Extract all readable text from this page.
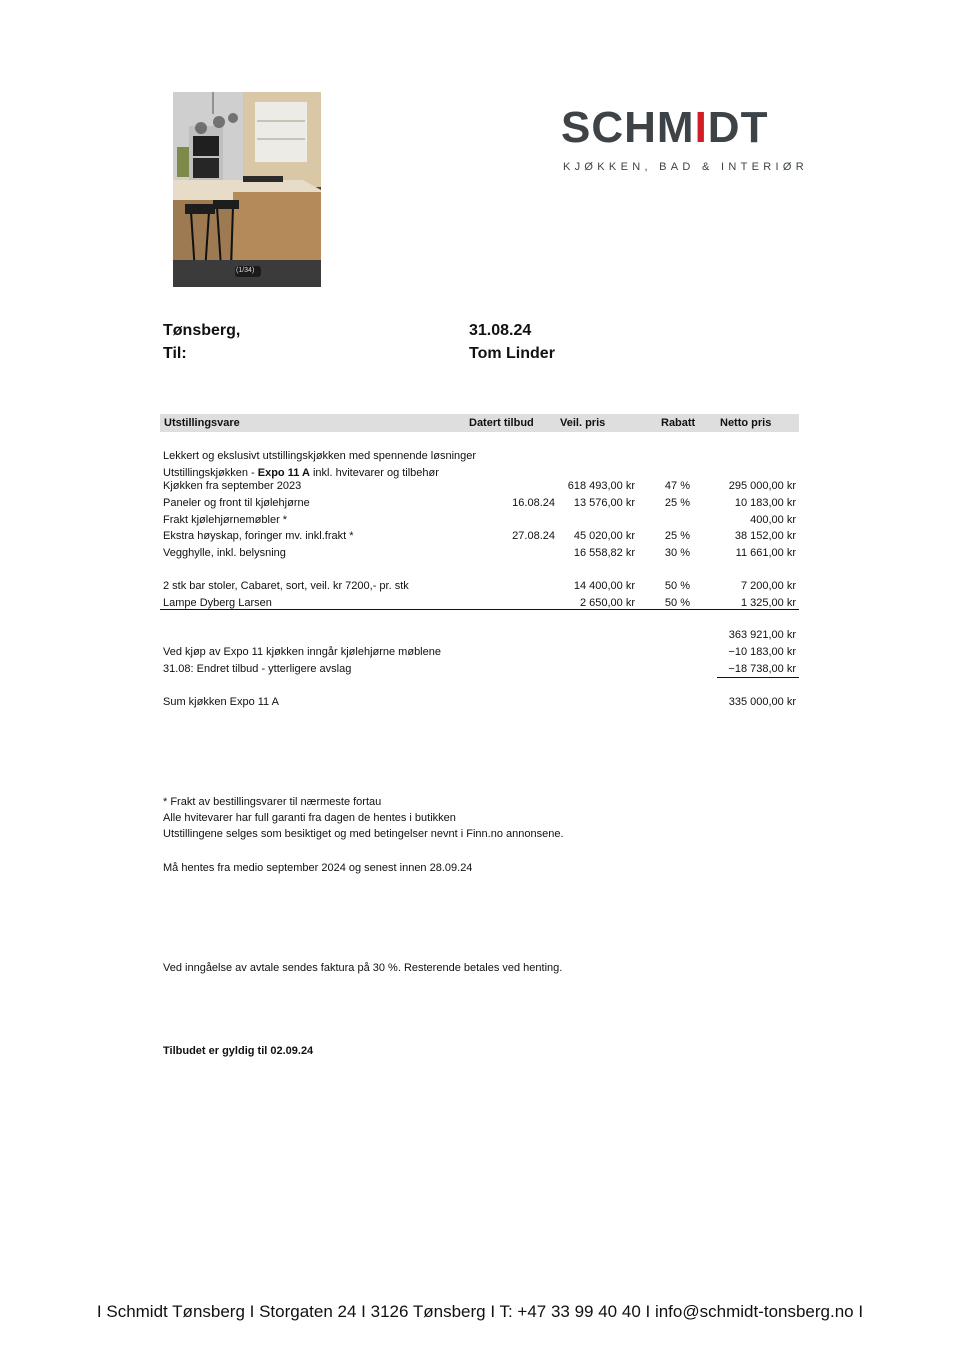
(1/34)
SCHMIDT
KJØKKEN, BAD & INTERIØR
Tønsberg,	31.08.24
Til:	Tom Linder
Utstillingsvare	Datert tilbud Veil. pris	Rabatt Netto pris
Lekkert og ekslusivt utstillingskjøkken med spennende løsninger
Utstillingskjøkken - Expo 11 A inkl. hvitevarer og tilbehør
Kjøkken fra september 2023	618 493,00 kr	47 %	295 000,00 kr
Paneler og front til kjølehjørne	16.08.24 13 576,00 kr	25 %	10 183,00 kr
Frakt kjølehjørnemøbler *	400,00 kr
Ekstra høyskap, foringer mv. inkl.frakt *	27.08.24 45 020,00 kr	25 %	38 152,00 kr
Vegghylle, inkl. belysning	16 558,82 kr	30 %	11 661,00 kr
2 stk bar stoler, Cabaret, sort, veil. kr 7200,- pr. stk	14 400,00 kr	50 %	7 200,00 kr
Lampe Dyberg Larsen	2 650,00 kr	50 %	1 325,00 kr
363 921,00 kr
Ved kjøp av Expo 11 kjøkken inngår kjølehjørne møblene	−10 183,00 kr
31.08: Endret tilbud - ytterligere avslag	−18 738,00 kr
Sum kjøkken Expo 11 A	335 000,00 kr
* Frakt av bestillingsvarer til nærmeste fortau
Alle hvitevarer har full garanti fra dagen de hentes i butikken
Utstillingene selges som besiktiget og med betingelser nevnt i Finn.no annonsene.
Må hentes fra medio september 2024 og senest innen 28.09.24
Ved inngåelse av avtale sendes faktura på 30 %. Resterende betales ved henting.
Tilbudet er gyldig til 02.09.24
I Schmidt Tønsberg I Storgaten 24 I 3126 Tønsberg I T: +47 33 99 40 40 I info@schmidt-tonsberg.no I
